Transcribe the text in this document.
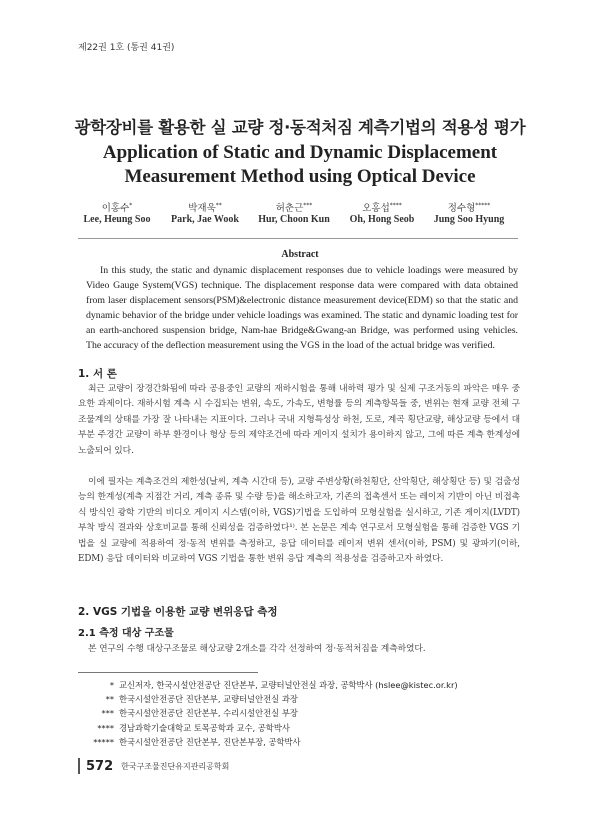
제22권 1호 (통권 41권)
광학장비를 활용한 실 교량 정·동적처짐 계측기법의 적용성 평가
Application of Static and Dynamic Displacement
Measurement Method using Optical Device
이홍수*
Lee, Heung Soo
박재욱**
Park, Jae Wook
허춘근***
Hur, Choon Kun
오홍섭****
Oh, Hong Seob
정수형*****
Jung Soo Hyung
Abstract

In this study, the static and dynamic displacement responses due to vehicle loadings were measured by Video Gauge System(VGS) technique. The displacement response data were compared with data obtained from laser displacement sensors(PSM)&electronic distance measurement device(EDM) so that the static and dynamic behavior of the bridge under vehicle loadings was examined. The static and dynamic loading test for an earth-anchored suspension bridge, Nam-hae Bridge&Gwang-an Bridge, was performed using vehicles. The accuracy of the deflection measurement using the VGS in the load of the actual bridge was verified.

1. 서 론

최근 교량이 장경간화됨에 따라 공용중인 교량의 재하시험을 통해 내하력 평가 및 실제 구조거동의 파악은 매우 중요한 과제이다. 재하시험 계측 시 수집되는 변위, 속도, 가속도, 변형률 등의 계측항목들 중, 변위는 현재 교량 전체 구조물계의 상태를 가장 잘 나타내는 지표이다. 그러나 국내 지형특성상 하천, 도로, 계곡 횡단교량, 해상교량 등에서 대부분 주경간 교량이 하부 환경이나 형상 등의 제약조건에 따라 게이지 설치가 용이하지 않고, 그에 따른 계측 한계성에 노출되어 있다.

이에 필자는 계측조건의 제한성(날씨, 계측 시간대 등), 교량 주변상황(하천횡단, 산악횡단, 해상횡단 등) 및 검출성능의 한계성(계측 지점간 거리, 계측 종류 및 수량 등)을 해소하고자, 기존의 접촉센서 또는 레이저 기반이 아닌 비접촉식 방식인 광학 기반의 비디오 게이지 시스템(이하, VGS)기법을 도입하여 모형실험을 실시하고, 기존 게이지(LVDT) 부착 방식 결과와 상호비교를 통해 신뢰성을 검증하였다¹⁾. 본 논문은 계속 연구로서 모형실험을 통해 검증한 VGS 기법을 실 교량에 적용하여 정·동적 변위를 측정하고, 응답 데이터를 레이저 변위 센서(이하, PSM) 및 광파기(이하, EDM) 응답 데이터와 비교하여 VGS 기법을 통한 변위 응답 계측의 적용성을 검증하고자 하였다.

2. VGS 기법을 이용한 교량 변위응답 측정
2.1 측정 대상 구조물

본 연구의 수행 대상구조물로 해상교량 2개소를 각각 선정하여 정·동적처짐을 계측하였다.

* 교신저자, 한국시설안전공단 진단본부, 교량터널안전실 과장, 공학박사 (hslee@kistec.or.kr)
** 한국시설안전공단 진단본부, 교량터널안전실 과장
*** 한국시설안전공단 진단본부, 수리시설안전실 부장
**** 경남과학기술대학교 토목공학과 교수, 공학박사
***** 한국시설안전공단 진단본부, 진단본부장, 공학박사
572 한국구조물진단유지관리공학회
